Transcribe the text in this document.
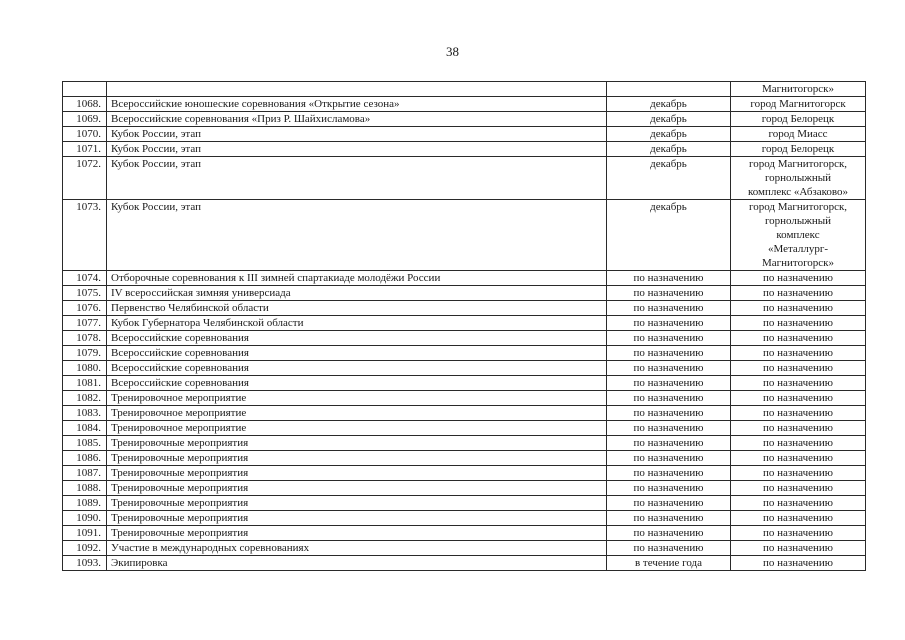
38

			Магнитогорск»

1068.	Всероссийские юношеские соревнования «Открытие сезона»	декабрь	город Магнитогорск

1069.	Всероссийские соревнования «Приз Р. Шайхисламова»	декабрь	город Белорецк

1070.	Кубок России, этап	декабрь	город Миасс

1071.	Кубок России, этап	декабрь	город Белорецк

1072.	Кубок России, этап	декабрь	город Магнитогорск,
горнолыжный
комплекс «Абзаково»

1073.	Кубок России, этап	декабрь	город Магнитогорск,
горнолыжный
комплекс
«Металлург-
Магнитогорск»

1074.	Отборочные соревнования к III зимней спартакиаде молодёжи России	по назначению	по назначению

1075.	IV всероссийская зимняя универсиада	по назначению	по назначению

1076.	Первенство Челябинской области	по назначению	по назначению

1077.	Кубок Губернатора Челябинской области	по назначению	по назначению

1078.	Всероссийские соревнования	по назначению	по назначению

1079.	Всероссийские соревнования	по назначению	по назначению

1080.	Всероссийские соревнования	по назначению	по назначению

1081.	Всероссийские соревнования	по назначению	по назначению

1082.	Тренировочное мероприятие	по назначению	по назначению

1083.	Тренировочное мероприятие	по назначению	по назначению

1084.	Тренировочное мероприятие	по назначению	по назначению

1085.	Тренировочные мероприятия	по назначению	по назначению

1086.	Тренировочные мероприятия	по назначению	по назначению

1087.	Тренировочные мероприятия	по назначению	по назначению

1088.	Тренировочные мероприятия	по назначению	по назначению

1089.	Тренировочные мероприятия	по назначению	по назначению

1090.	Тренировочные мероприятия	по назначению	по назначению

1091.	Тренировочные мероприятия	по назначению	по назначению

1092.	Участие в международных соревнованиях	по назначению	по назначению

1093.	Экипировка	в течение года	по назначению
